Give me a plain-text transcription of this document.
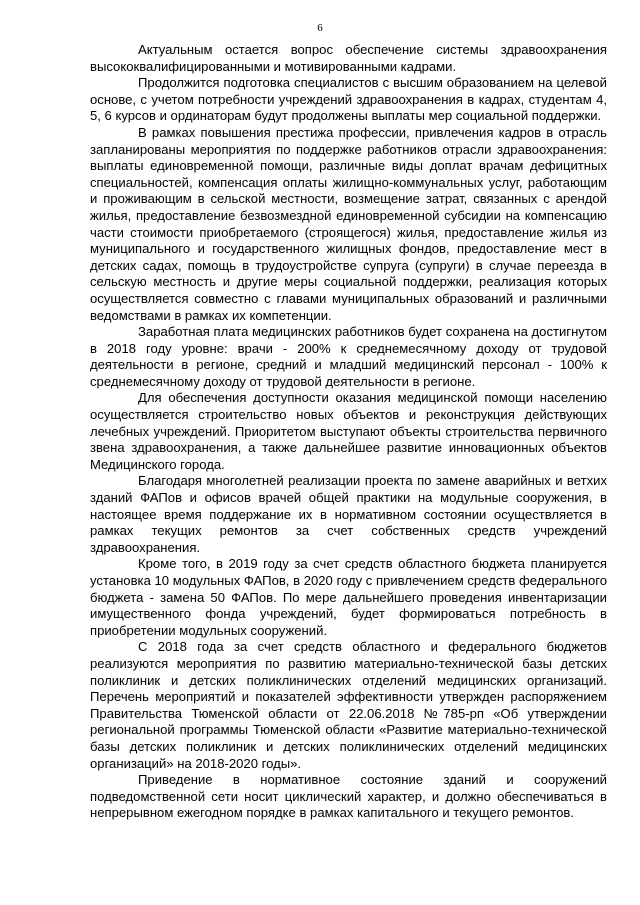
6

Актуальным остается вопрос обеспечение системы здравоохранения высококвалифицированными и мотивированными кадрами.

Продолжится подготовка специалистов с высшим образованием на целевой основе, с учетом потребности учреждений здравоохранения в кадрах, студентам 4, 5, 6 курсов и ординаторам будут продолжены выплаты мер социальной поддержки.

В рамках повышения престижа профессии, привлечения кадров в отрасль запланированы мероприятия по поддержке работников отрасли здравоохранения: выплаты единовременной помощи, различные виды доплат врачам дефицитных специальностей, компенсация оплаты жилищно-коммунальных услуг, работающим и проживающим в сельской местности, возмещение затрат, связанных с арендой жилья, предоставление безвозмездной единовременной субсидии на компенсацию части стоимости приобретаемого (строящегося) жилья, предоставление жилья из муниципального и государственного жилищных фондов, предоставление мест в детских садах, помощь в трудоустройстве супруга (супруги) в случае переезда в сельскую местность и другие меры социальной поддержки, реализация которых осуществляется совместно с главами муниципальных образований и различными ведомствами в рамках их компетенции.

Заработная плата медицинских работников будет сохранена на достигнутом в 2018 году уровне: врачи - 200% к среднемесячному доходу от трудовой деятельности в регионе, средний и младший медицинский персонал - 100% к среднемесячному доходу от трудовой деятельности в регионе.

Для обеспечения доступности оказания медицинской помощи населению осуществляется строительство новых объектов и реконструкция действующих лечебных учреждений. Приоритетом выступают объекты строительства первичного звена здравоохранения, а также дальнейшее развитие инновационных объектов Медицинского города.

Благодаря многолетней реализации проекта по замене аварийных и ветхих зданий ФАПов и офисов врачей общей практики на модульные сооружения, в настоящее время поддержание их в нормативном состоянии осуществляется в рамках текущих ремонтов за счет собственных средств учреждений здравоохранения.

Кроме того, в 2019 году за счет средств областного бюджета планируется установка 10 модульных ФАПов, в 2020 году с привлечением средств федерального бюджета - замена 50 ФАПов. По мере дальнейшего проведения инвентаризации имущественного фонда учреждений, будет формироваться потребность в приобретении модульных сооружений.

С 2018 года за счет средств областного и федерального бюджетов реализуются мероприятия по развитию материально-технической базы детских поликлиник и детских поликлинических отделений медицинских организаций. Перечень мероприятий и показателей эффективности утвержден распоряжением Правительства Тюменской области от 22.06.2018 №785-рп «Об утверждении региональной программы Тюменской области «Развитие материально-технической базы детских поликлиник и детских поликлинических отделений медицинских организаций» на 2018-2020 годы».

Приведение в нормативное состояние зданий и сооружений подведомственной сети носит циклический характер, и должно обеспечиваться в непрерывном ежегодном порядке в рамках капитального и текущего ремонтов.
